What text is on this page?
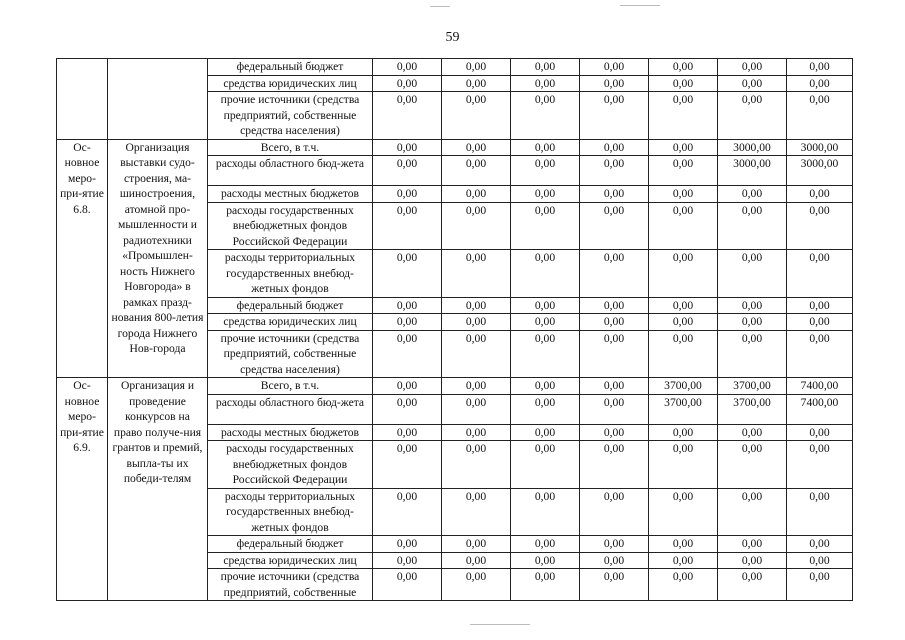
59
		федеральный бюджет	0,00	0,00	0,00	0,00	0,00	0,00	0,00
		средства юридических лиц	0,00	0,00	0,00	0,00	0,00	0,00	0,00
		прочие источники (средства предприятий, собственные средства населения)	0,00	0,00	0,00	0,00	0,00	0,00	0,00
Ос-новное меро-при-ятие 6.8.	Организация выставки судо-строения, ма-шиностроения, атомной про-мышленности и радиотехники «Промышлен-ность Нижнего Новгорода» в рамках празд-нования 800-летия города Нижнего Нов-города	Всего, в т.ч.	0,00	0,00	0,00	0,00	0,00	3000,00	3000,00
		расходы областного бюд-жета	0,00	0,00	0,00	0,00	0,00	3000,00	3000,00
		расходы местных бюджетов	0,00	0,00	0,00	0,00	0,00	0,00	0,00
		расходы государственных внебюджетных фондов Российской Федерации	0,00	0,00	0,00	0,00	0,00	0,00	0,00
		расходы территориальных государственных внебюд-жетных фондов	0,00	0,00	0,00	0,00	0,00	0,00	0,00
		федеральный бюджет	0,00	0,00	0,00	0,00	0,00	0,00	0,00
		средства юридических лиц	0,00	0,00	0,00	0,00	0,00	0,00	0,00
		прочие источники (средства предприятий, собственные средства населения)	0,00	0,00	0,00	0,00	0,00	0,00	0,00
Ос-новное меро-при-ятие 6.9.	Организация и проведение конкурсов на право получе-ния грантов и премий, выпла-ты их победи-телям	Всего, в т.ч.	0,00	0,00	0,00	0,00	3700,00	3700,00	7400,00
		расходы областного бюд-жета	0,00	0,00	0,00	0,00	3700,00	3700,00	7400,00
		расходы местных бюджетов	0,00	0,00	0,00	0,00	0,00	0,00	0,00
		расходы государственных внебюджетных фондов Российской Федерации	0,00	0,00	0,00	0,00	0,00	0,00	0,00
		расходы территориальных государственных внебюд-жетных фондов	0,00	0,00	0,00	0,00	0,00	0,00	0,00
		федеральный бюджет	0,00	0,00	0,00	0,00	0,00	0,00	0,00
		средства юридических лиц	0,00	0,00	0,00	0,00	0,00	0,00	0,00
		прочие источники (средства предприятий, собственные	0,00	0,00	0,00	0,00	0,00	0,00	0,00
